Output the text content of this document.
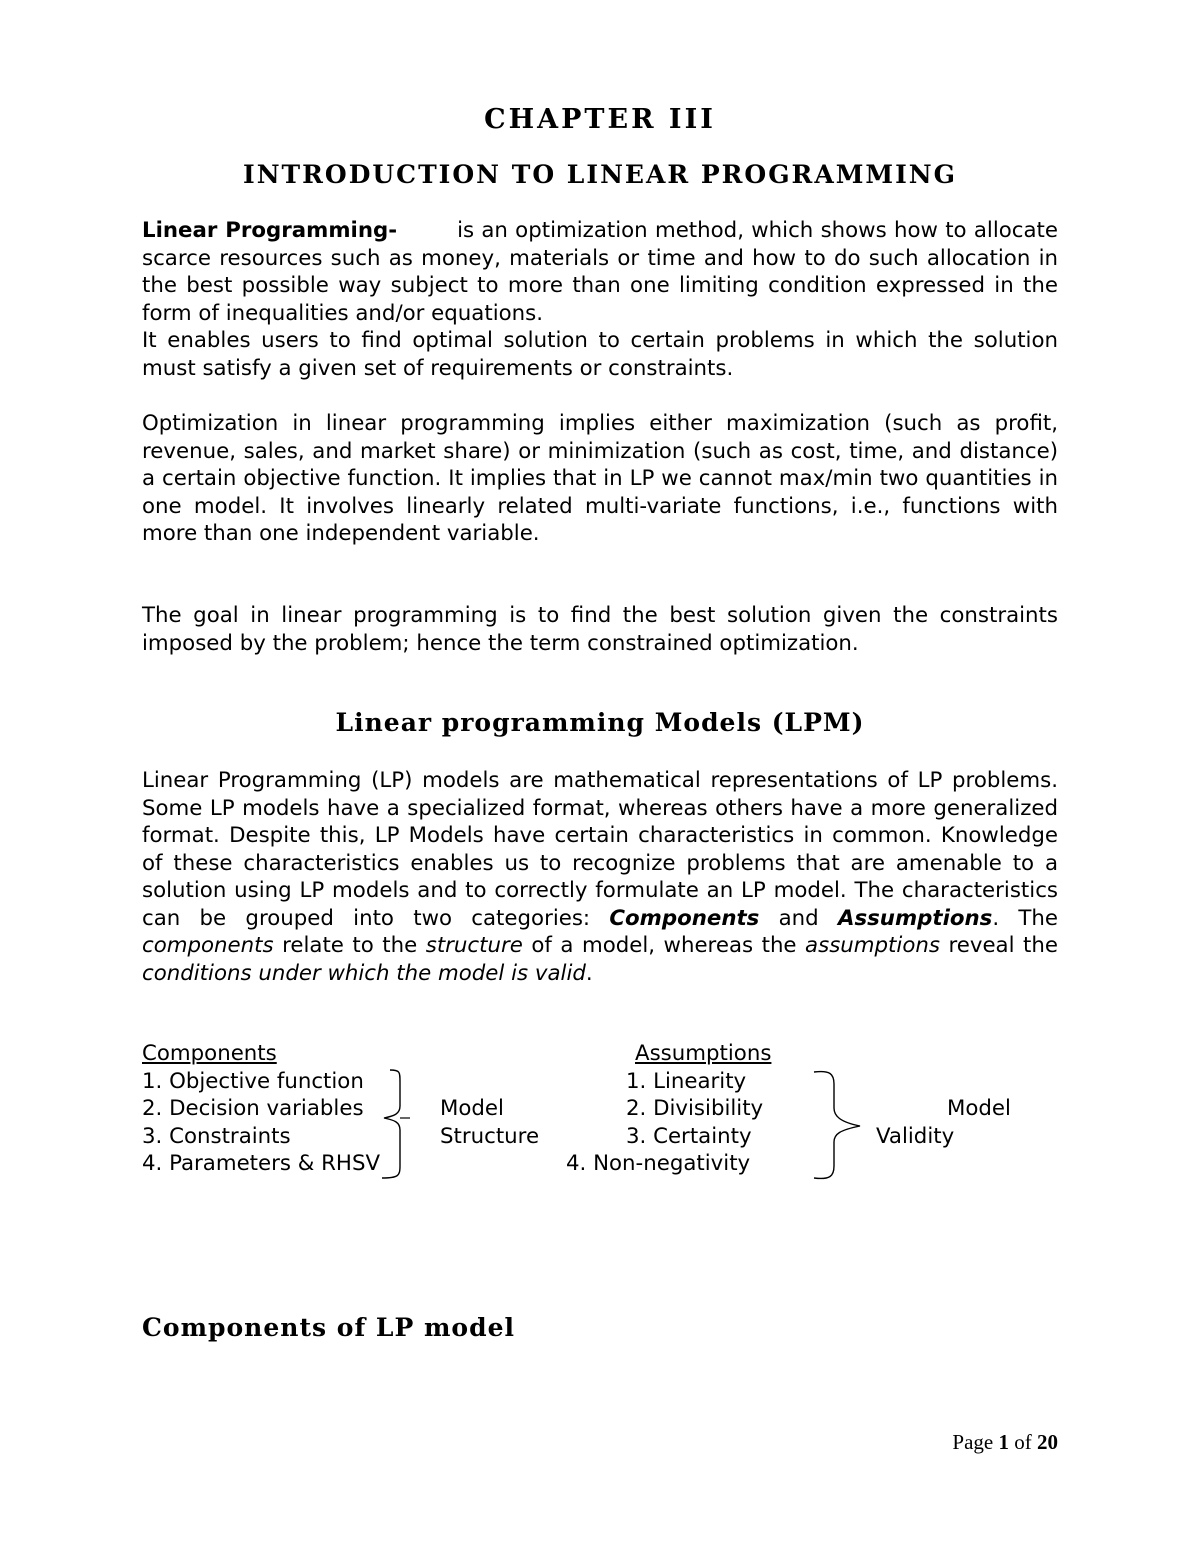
CHAPTER III
INTRODUCTION TO LINEAR PROGRAMMING
Linear Programming-	is an optimization method, which shows how to allocate scarce resources such as money, materials or time and how to do such allocation in the best possible way subject to more than one limiting condition expressed in the form of inequalities and/or equations.
It enables users to find optimal solution to certain problems in which the solution must satisfy a given set of requirements or constraints.
Optimization in linear programming implies either maximization (such as profit, revenue, sales, and market share) or minimization (such as cost, time, and distance) a certain objective function. It implies that in LP we cannot max/min two quantities in one model. It involves linearly related multi-variate functions, i.e., functions with more than one independent variable.
The goal in linear programming is to find the best solution given the constraints imposed by the problem; hence the term constrained optimization.
Linear programming Models (LPM)
Linear Programming (LP) models are mathematical representations of LP problems. Some LP models have a specialized format, whereas others have a more generalized format. Despite this, LP Models have certain characteristics in common. Knowledge of these characteristics enables us to recognize problems that are amenable to a solution using LP models and to correctly formulate an LP model. The characteristics can be grouped into two categories: Components and Assumptions. The components relate to the structure of a model, whereas the assumptions reveal the conditions under which the model is valid.
Components
1. Objective function
2. Decision variables
3. Constraints
4. Parameters & RHSV
Model
Structure
Assumptions
1. Linearity
2. Divisibility
3. Certainty
4. Non-negativity
Model
Validity
Components of LP model
Page 1 of 20
